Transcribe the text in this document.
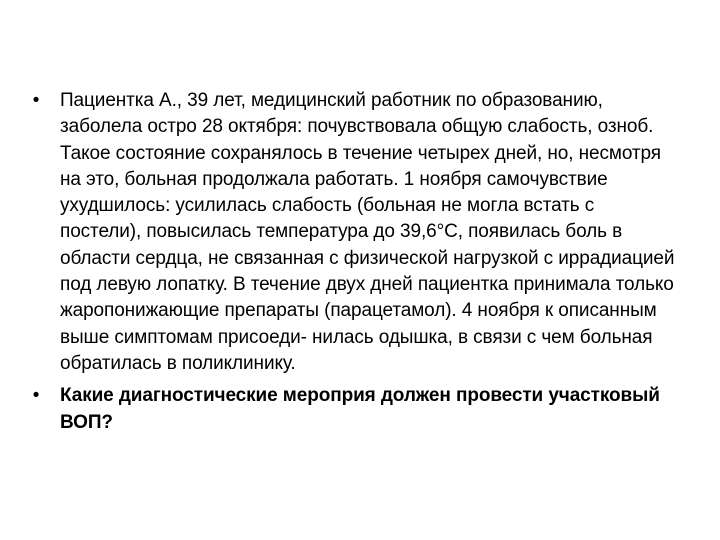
• Пациентка А., 39 лет, медицинский работник по образованию, заболела остро 28 октября: почувствовала общую слабость, озноб. Такое состояние сохранялось в течение четырех дней, но, несмотря на это, больная продолжала работать. 1 ноября самочувствие ухудшилось: усилилась слабость (больная не могла встать с постели), повысилась температура до 39,6°С, появилась боль в области сердца, не связанная с физической нагрузкой с иррадиацией под левую лопатку. В течение двух дней пациентка принимала только жаропонижающие препараты (парацетамол). 4 ноября к описанным выше симптомам присоеди- нилась одышка, в связи с чем больная обратилась в поликлинику.
• Какие диагностические мероприя должен провести участковый ВОП?
